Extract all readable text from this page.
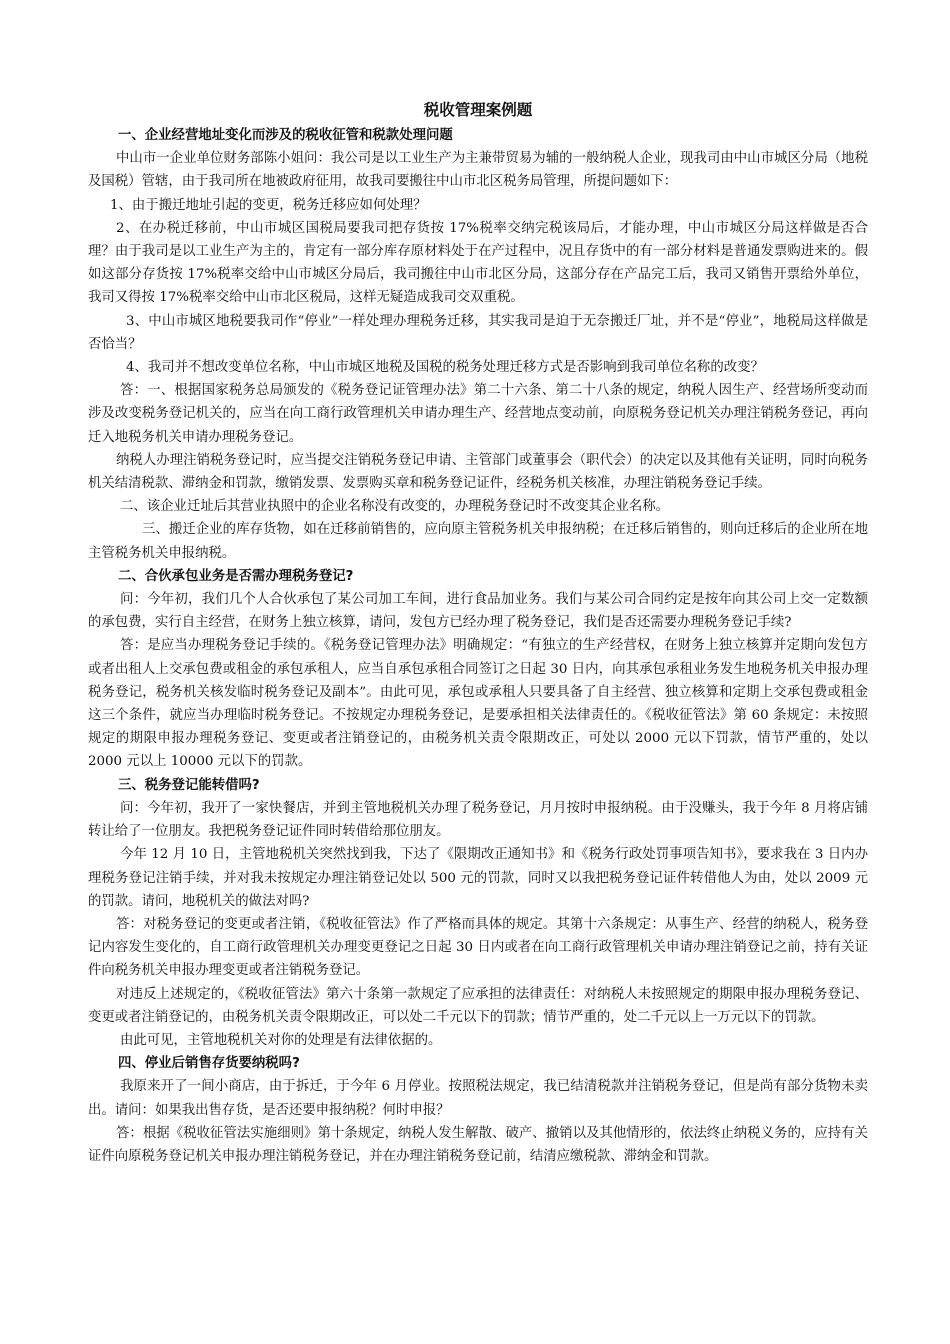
税收管理案例题
一、企业经营地址变化而涉及的税收征管和税款处理问题

中山市一企业单位财务部陈小姐问：我公司是以工业生产为主兼带贸易为辅的一般纳税人企业，现我司由中山市城区分局（地税及国税）管辖，由于我司所在地被政府征用，故我司要搬往中山市北区税务局管理，所提问题如下：

1、由于搬迁地址引起的变更，税务迁移应如何处理？

2、在办税迁移前，中山市城区国税局要我司把存货按 17%税率交纳完税该局后，才能办理，中山市城区分局这样做是否合理？由于我司是以工业生产为主的，肯定有一部分库存原材料处于在产过程中，况且存货中的有一部分材料是普通发票购进来的。假如这部分存货按 17%税率交给中山市城区分局后，我司搬往中山市北区分局，这部分存在产品完工后，我司又销售开票给外单位，我司又得按 17%税率交给中山市北区税局，这样无疑造成我司交双重税。

3、中山市城区地税要我司作“停业”一样处理办理税务迁移，其实我司是迫于无奈搬迁厂址，并不是“停业”，地税局这样做是否恰当？

4、我司并不想改变单位名称，中山市城区地税及国税的税务处理迁移方式是否影响到我司单位名称的改变？

答：一、根据国家税务总局颁发的《税务登记证管理办法》第二十六条、第二十八条的规定，纳税人因生产、经营场所变动而涉及改变税务登记机关的，应当在向工商行政管理机关申请办理生产、经营地点变动前，向原税务登记机关办理注销税务登记，再向迁入地税务机关申请办理税务登记。

纳税人办理注销税务登记时，应当提交注销税务登记申请、主管部门或董事会（职代会）的决定以及其他有关证明，同时向税务机关结清税款、滞纳金和罚款，缴销发票、发票购买章和税务登记证件，经税务机关核准，办理注销税务登记手续。

二、该企业迁址后其营业执照中的企业名称没有改变的，办理税务登记时不改变其企业名称。

三、搬迁企业的库存货物，如在迁移前销售的，应向原主管税务机关申报纳税；在迁移后销售的，则向迁移后的企业所在地主管税务机关申报纳税。

二、合伙承包业务是否需办理税务登记?

问：今年初，我们几个人合伙承包了某公司加工车间，进行食品加业务。我们与某公司合同约定是按年向其公司上交一定数额的承包费，实行自主经营，在财务上独立核算，请问，发包方已经办理了税务登记，我们是否还需要办理税务登记手续?

答：是应当办理税务登记手续的。《税务登记管理办法》明确规定：“有独立的生产经营权，在财务上独立核算并定期向发包方或者出租人上交承包费或租金的承包承租人，应当自承包承租合同签订之日起 30 日内，向其承包承租业务发生地税务机关申报办理税务登记，税务机关核发临时税务登记及副本”。由此可见，承包或承租人只要具备了自主经营、独立核算和定期上交承包费或租金这三个条件，就应当办理临时税务登记。不按规定办理税务登记，是要承担相关法律责任的。《税收征管法》第 60 条规定：未按照规定的期限申报办理税务登记、变更或者注销登记的，由税务机关责令限期改正，可处以 2000 元以下罚款，情节严重的，处以 2000 元以上 10000 元以下的罚款。

三、税务登记能转借吗?

问：今年初，我开了一家快餐店，并到主管地税机关办理了税务登记，月月按时申报纳税。由于没赚头，我于今年 8 月将店铺转让给了一位朋友。我把税务登记证件同时转借给那位朋友。

今年 12 月 10 日，主管地税机关突然找到我，下达了《限期改正通知书》和《税务行政处罚事项告知书》，要求我在 3 日内办理税务登记注销手续，并对我未按规定办理注销登记处以 500 元的罚款，同时又以我把税务登记证件转借他人为由，处以 2009 元的罚款。请问，地税机关的做法对吗?

答：对税务登记的变更或者注销，《税收征管法》作了严格而具体的规定。其第十六条规定：从事生产、经营的纳税人，税务登记内容发生变化的，自工商行政管理机关办理变更登记之日起 30 日内或者在向工商行政管理机关申请办理注销登记之前，持有关证件向税务机关申报办理变更或者注销税务登记。

对违反上述规定的，《税收征管法》第六十条第一款规定了应承担的法律责任：对纳税人未按照规定的期限申报办理税务登记、变更或者注销登记的，由税务机关责令限期改正，可以处二千元以下的罚款；情节严重的，处二千元以上一万元以下的罚款。

由此可见，主管地税机关对你的处理是有法律依据的。

四、停业后销售存货要纳税吗?

我原来开了一间小商店，由于拆迁，于今年 6 月停业。按照税法规定，我已结清税款并注销税务登记，但是尚有部分货物未卖出。请问：如果我出售存货，是否还要申报纳税？何时申报？

答：根据《税收征管法实施细则》第十条规定，纳税人发生解散、破产、撤销以及其他情形的，依法终止纳税义务的，应持有关证件向原税务登记机关申报办理注销税务登记，并在办理注销税务登记前，结清应缴税款、滞纳金和罚款。
